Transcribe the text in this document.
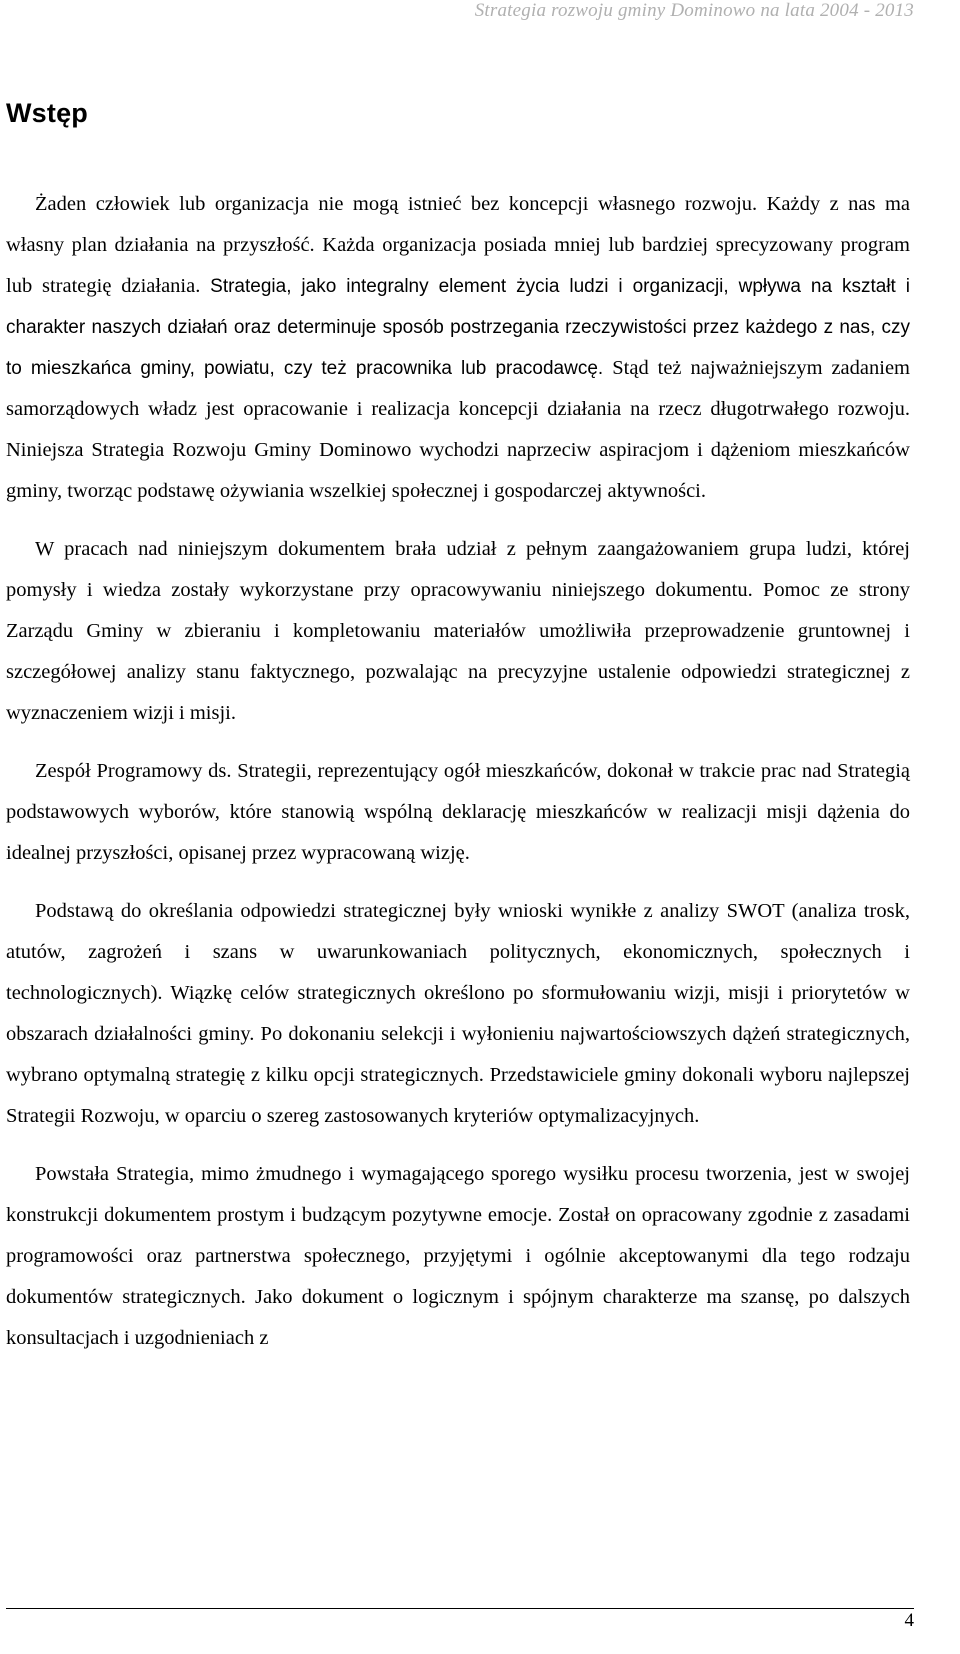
Strategia rozwoju gminy Dominowo na lata 2004 - 2013
Wstęp

Żaden człowiek lub organizacja nie mogą istnieć bez koncepcji własnego rozwoju. Każdy z nas ma własny plan działania na przyszłość. Każda organizacja posiada mniej lub bardziej sprecyzowany program lub strategię działania. Strategia, jako integralny element życia ludzi i organizacji, wpływa na kształt i charakter naszych działań oraz determinuje sposób postrzegania rzeczywistości przez każdego z nas, czy to mieszkańca gminy, powiatu, czy też pracownika lub pracodawcę. Stąd też najważniejszym zadaniem samorządowych władz jest opracowanie i realizacja koncepcji działania na rzecz długotrwałego rozwoju. Niniejsza Strategia Rozwoju Gminy Dominowo wychodzi naprzeciw aspiracjom i dążeniom mieszkańców gminy, tworząc podstawę ożywiania wszelkiej społecznej i gospodarczej aktywności.

W pracach nad niniejszym dokumentem brała udział z pełnym zaangażowaniem grupa ludzi, której pomysły i wiedza zostały wykorzystane przy opracowywaniu niniejszego dokumentu. Pomoc ze strony Zarządu Gminy w zbieraniu i kompletowaniu materiałów umożliwiła przeprowadzenie gruntownej i szczegółowej analizy stanu faktycznego, pozwalając na precyzyjne ustalenie odpowiedzi strategicznej z wyznaczeniem wizji i misji.

Zespół Programowy ds. Strategii, reprezentujący ogół mieszkańców, dokonał w trakcie prac nad Strategią podstawowych wyborów, które stanowią wspólną deklarację mieszkańców w realizacji misji dążenia do idealnej przyszłości, opisanej przez wypracowaną wizję.

Podstawą do określania odpowiedzi strategicznej były wnioski wynikłe z analizy SWOT (analiza trosk, atutów, zagrożeń i szans w uwarunkowaniach politycznych, ekonomicznych, społecznych i technologicznych). Wiązkę celów strategicznych określono po sformułowaniu wizji, misji i priorytetów w obszarach działalności gminy. Po dokonaniu selekcji i wyłonieniu najwartościowszych dążeń strategicznych, wybrano optymalną strategię z kilku opcji strategicznych. Przedstawiciele gminy dokonali wyboru najlepszej Strategii Rozwoju, w oparciu o szereg zastosowanych kryteriów optymalizacyjnych.

Powstała Strategia, mimo żmudnego i wymagającego sporego wysiłku procesu tworzenia, jest w swojej konstrukcji dokumentem prostym i budzącym pozytywne emocje. Został on opracowany zgodnie z zasadami programowości oraz partnerstwa społecznego, przyjętymi i ogólnie akceptowanymi dla tego rodzaju dokumentów strategicznych. Jako dokument o logicznym i spójnym charakterze ma szansę, po dalszych konsultacjach i uzgodnieniach z

4
